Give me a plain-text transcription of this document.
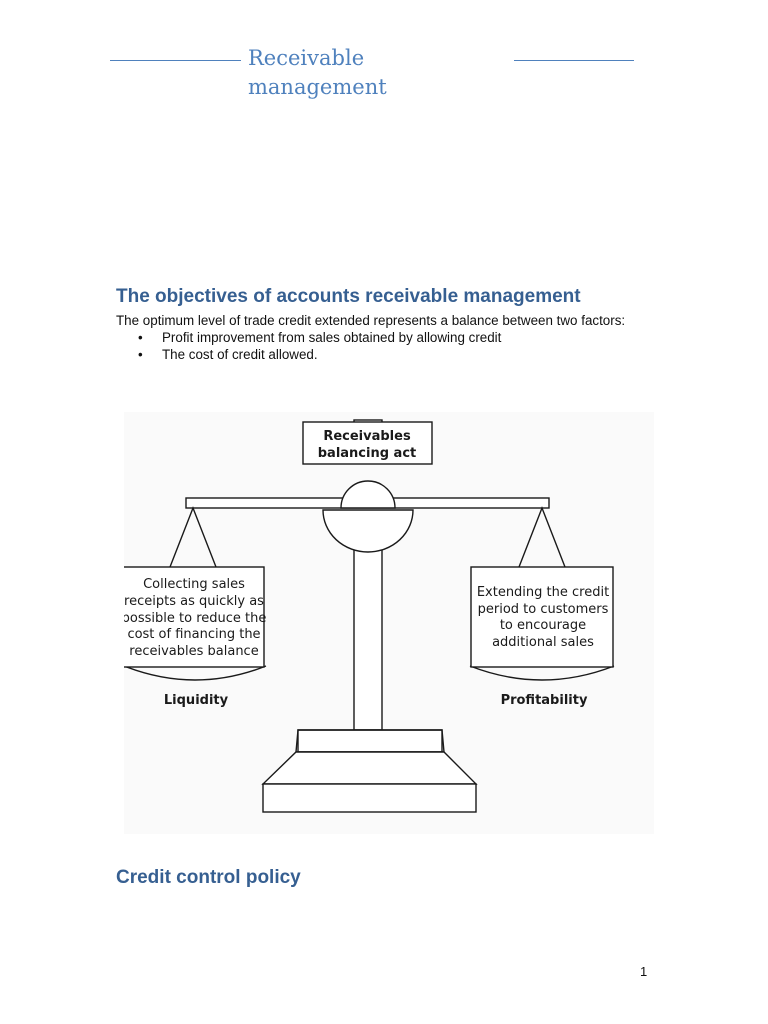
Receivable
management
The objectives of accounts receivable management

The optimum level of trade credit extended represents a balance between two factors:

• Profit improvement from sales obtained by allowing credit
• The cost of credit allowed.
Receivables
balancing act
Collecting sales
receipts as quickly as
possible to reduce the
cost of financing the
receivables balance
Extending the credit
period to customers
to encourage
additional sales
Liquidity	Profitability
Credit control policy
1
